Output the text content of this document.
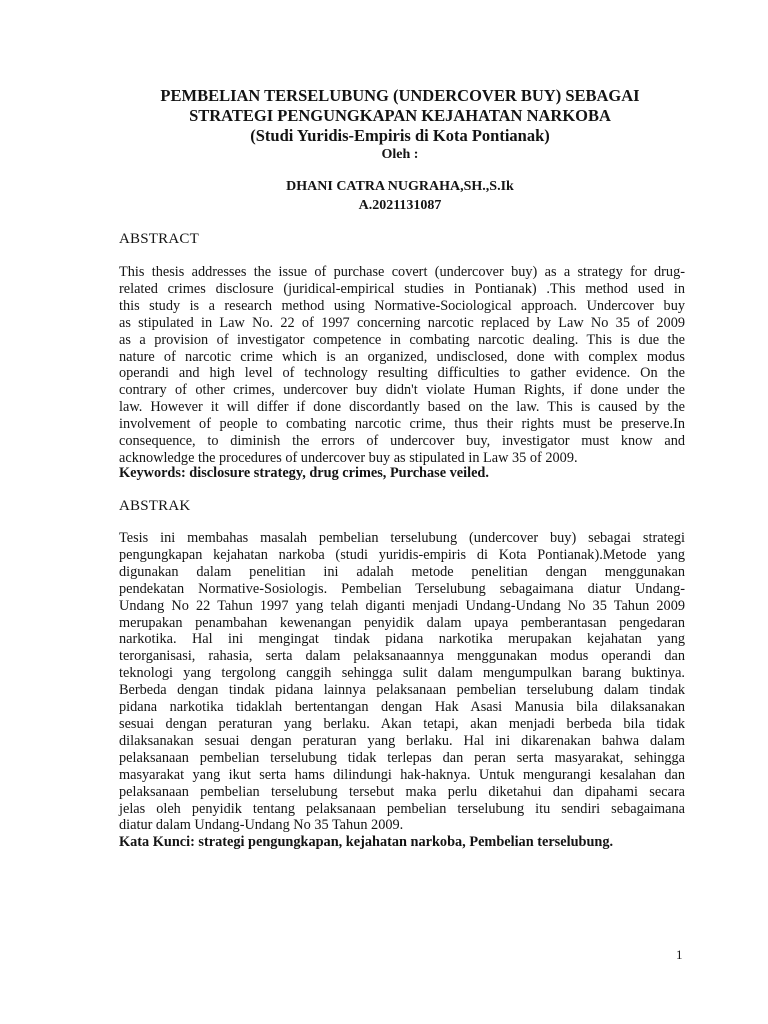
PEMBELIAN TERSELUBUNG (UNDERCOVER BUY) SEBAGAI
STRATEGI PENGUNGKAPAN KEJAHATAN NARKOBA
(Studi Yuridis-Empiris di Kota Pontianak)
Oleh :
DHANI CATRA NUGRAHA,SH.,S.Ik
A.2021131087
ABSTRACT
This thesis addresses the issue of purchase covert (undercover buy) as a strategy for drug-
related crimes disclosure (juridical-empirical studies in Pontianak) .This method used in
this study is a research method using Normative-Sociological approach. Undercover buy
as stipulated in Law No. 22 of 1997 concerning narcotic replaced by Law No 35 of 2009
as a provision of investigator competence in combating narcotic dealing. This is due the
nature of narcotic crime which is an organized, undisclosed, done with complex modus
operandi and high level of technology resulting difficulties to gather evidence. On the
contrary of other crimes, undercover buy didn't violate Human Rights, if done under the
law. However it will differ if done discordantly based on the law. This is caused by the
involvement of people to combating narcotic crime, thus their rights must be preserve.In
consequence, to diminish the errors of undercover buy, investigator must know and
acknowledge the procedures of undercover buy as stipulated in Law 35 of 2009.

Keywords: disclosure strategy, drug crimes, Purchase veiled.

ABSTRAK
Tesis ini membahas masalah pembelian terselubung (undercover buy) sebagai strategi
pengungkapan kejahatan narkoba (studi yuridis-empiris di Kota Pontianak).Metode yang
digunakan dalam penelitian ini adalah metode penelitian dengan menggunakan
pendekatan Normative-Sosiologis. Pembelian Terselubung sebagaimana diatur Undang-
Undang No 22 Tahun 1997 yang telah diganti menjadi Undang-Undang No 35 Tahun 2009
merupakan penambahan kewenangan penyidik dalam upaya pemberantasan pengedaran
narkotika. Hal ini mengingat tindak pidana narkotika merupakan kejahatan yang
terorganisasi, rahasia, serta dalam pelaksanaannya menggunakan modus operandi dan
teknologi yang tergolong canggih sehingga sulit dalam mengumpulkan barang buktinya.
Berbeda dengan tindak pidana lainnya pelaksanaan pembelian terselubung dalam tindak
pidana narkotika tidaklah bertentangan dengan Hak Asasi Manusia bila dilaksanakan
sesuai dengan peraturan yang berlaku. Akan tetapi, akan menjadi berbeda bila tidak
dilaksanakan sesuai dengan peraturan yang berlaku. Hal ini dikarenakan bahwa dalam
pelaksanaan pembelian terselubung tidak terlepas dan peran serta masyarakat, sehingga
masyarakat yang ikut serta hams dilindungi hak-haknya. Untuk mengurangi kesalahan dan
pelaksanaan pembelian terselubung tersebut maka perlu diketahui dan dipahami secara
jelas oleh penyidik tentang pelaksanaan pembelian terselubung itu sendiri sebagaimana
diatur dalam Undang-Undang No 35 Tahun 2009.

Kata Kunci: strategi pengungkapan, kejahatan narkoba, Pembelian terselubung.

1
